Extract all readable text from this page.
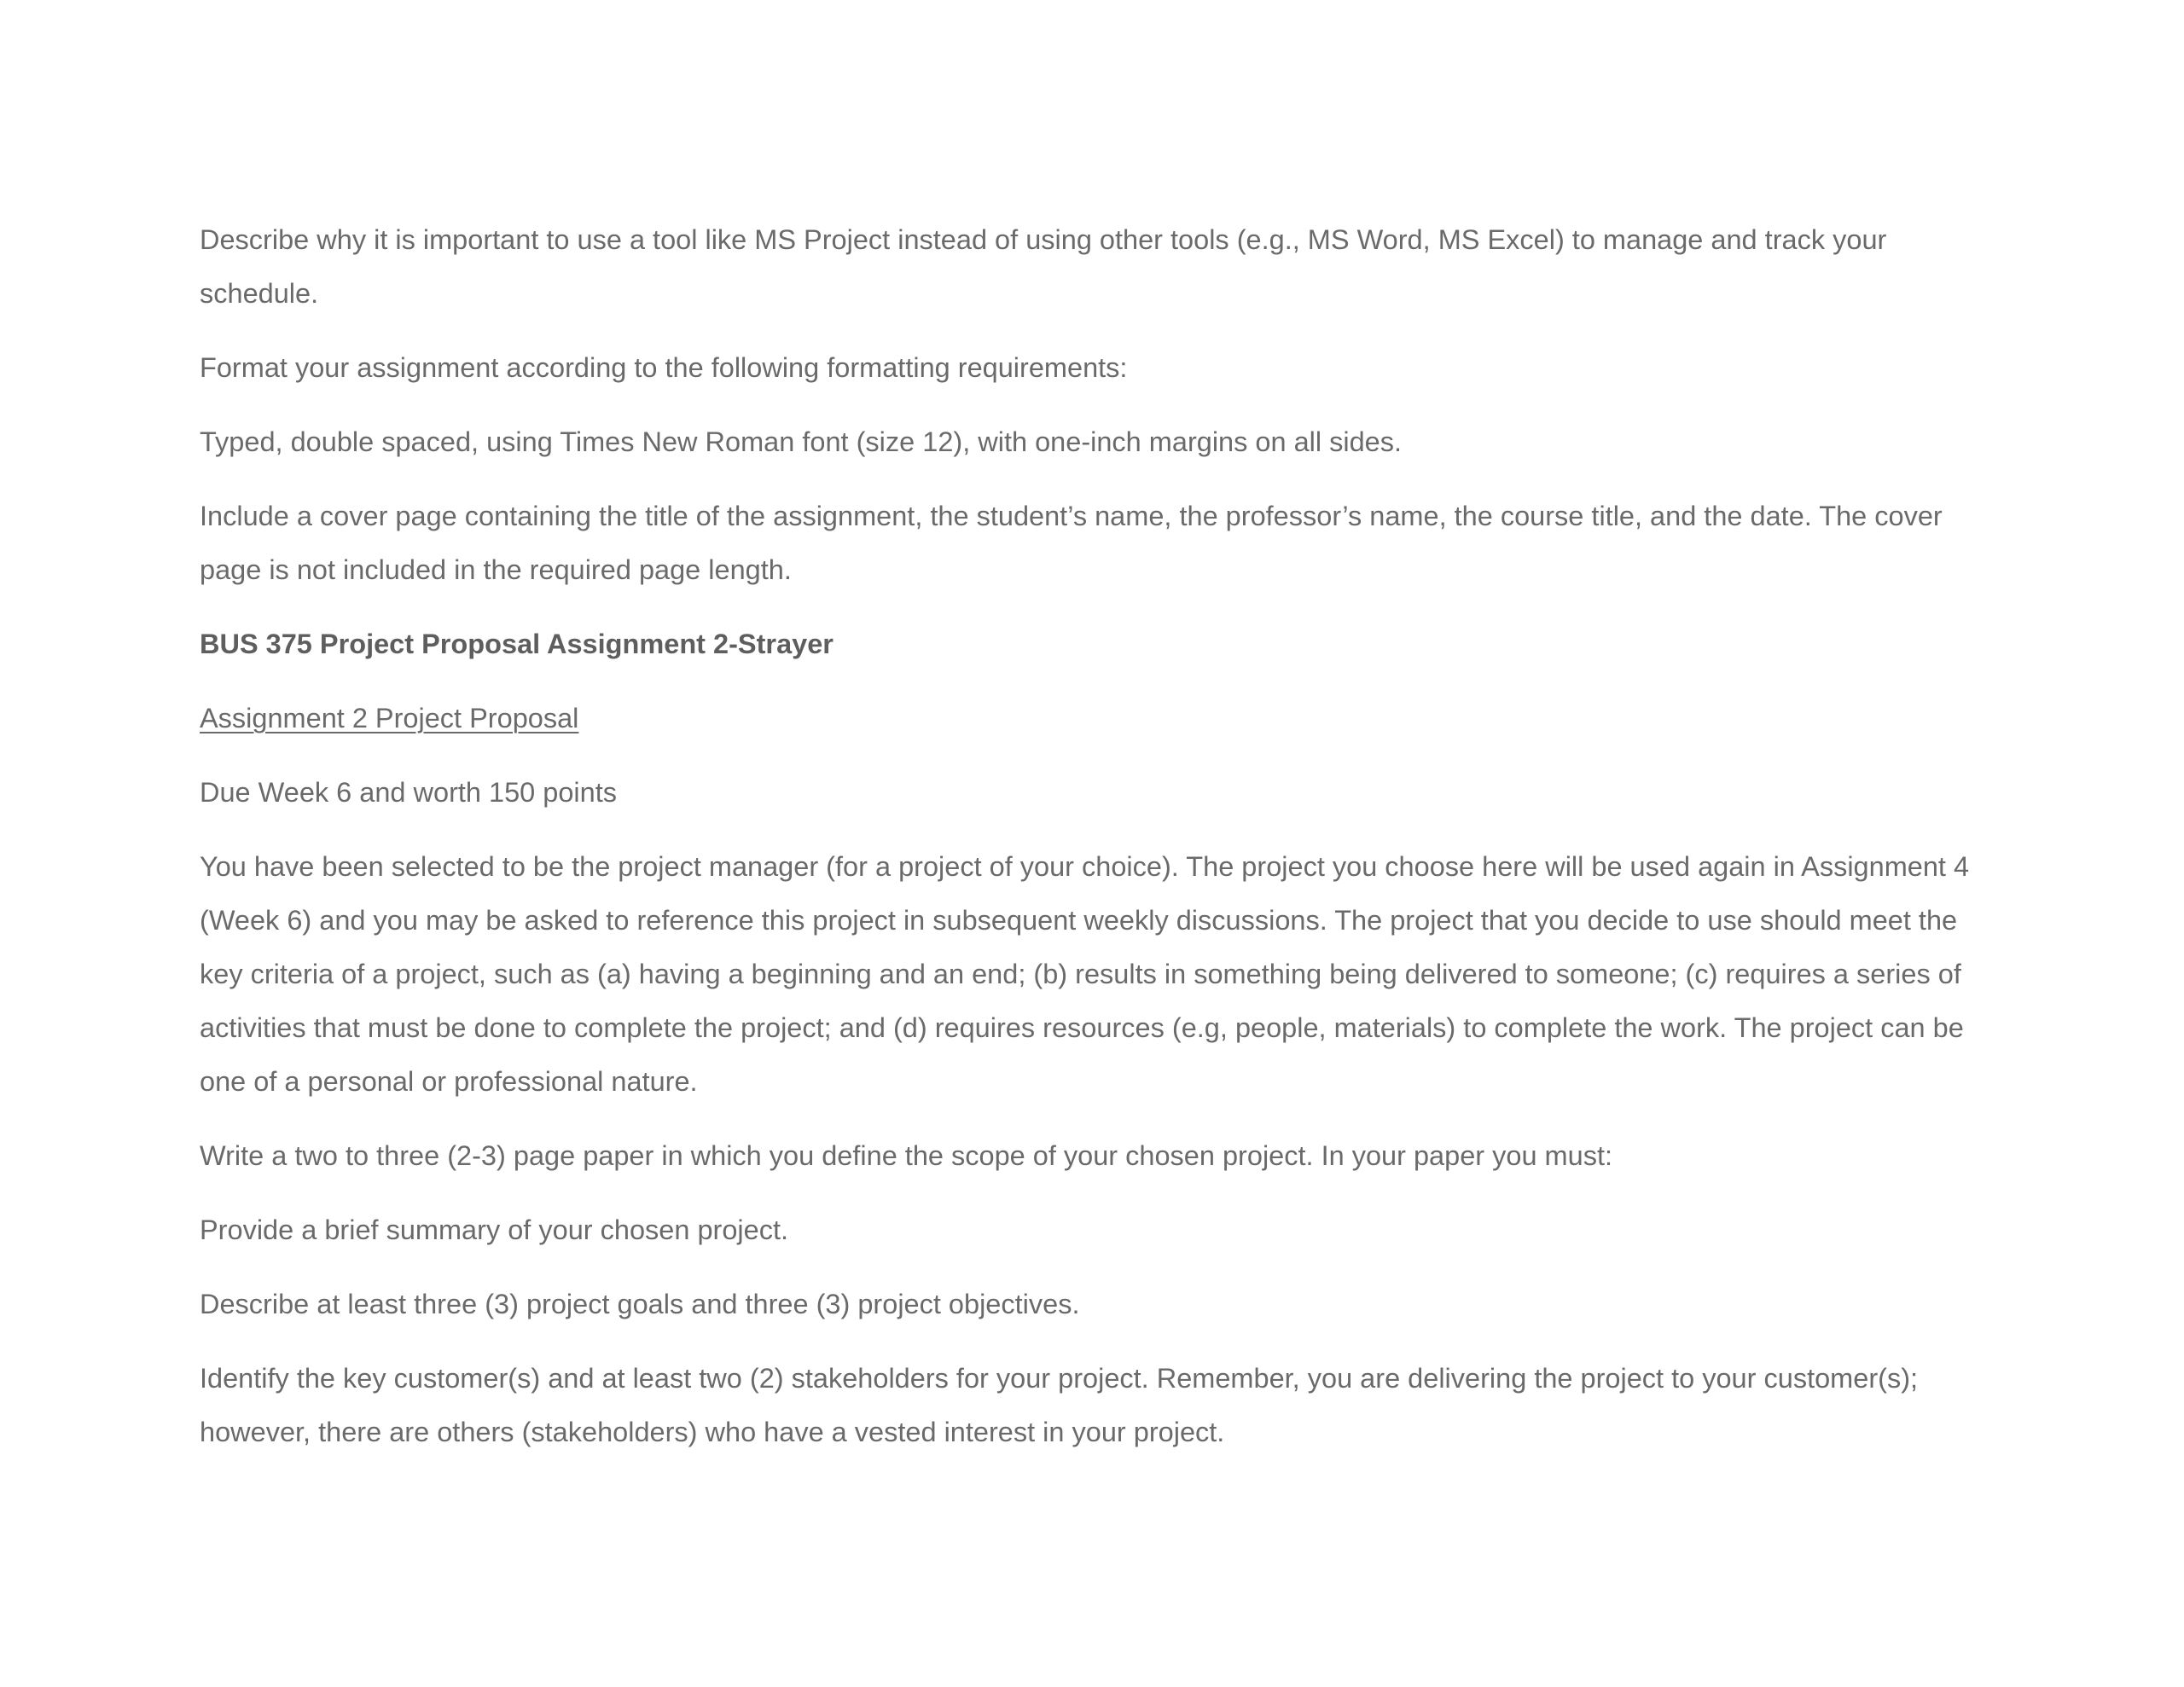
Describe why it is important to use a tool like MS Project instead of using other tools (e.g., MS Word, MS Excel) to manage and track your schedule.

Format your assignment according to the following formatting requirements:

Typed, double spaced, using Times New Roman font (size 12), with one-inch margins on all sides.

Include a cover page containing the title of the assignment, the student’s name, the professor’s name, the course title, and the date. The cover page is not included in the required page length.

BUS 375 Project Proposal Assignment 2-Strayer

Assignment 2 Project Proposal

Due Week 6 and worth 150 points

You have been selected to be the project manager (for a project of your choice). The project you choose here will be used again in Assignment 4 (Week 6) and you may be asked to reference this project in subsequent weekly discussions. The project that you decide to use should meet the key criteria of a project, such as (a) having a beginning and an end; (b) results in something being delivered to someone; (c) requires a series of activities that must be done to complete the project; and (d) requires resources (e.g, people, materials) to complete the work. The project can be one of a personal or professional nature.

Write a two to three (2-3) page paper in which you define the scope of your chosen project. In your paper you must:

Provide a brief summary of your chosen project.

Describe at least three (3) project goals and three (3) project objectives.

Identify the key customer(s) and at least two (2) stakeholders for your project. Remember, you are delivering the project to your customer(s); however, there are others (stakeholders) who have a vested interest in your project.
